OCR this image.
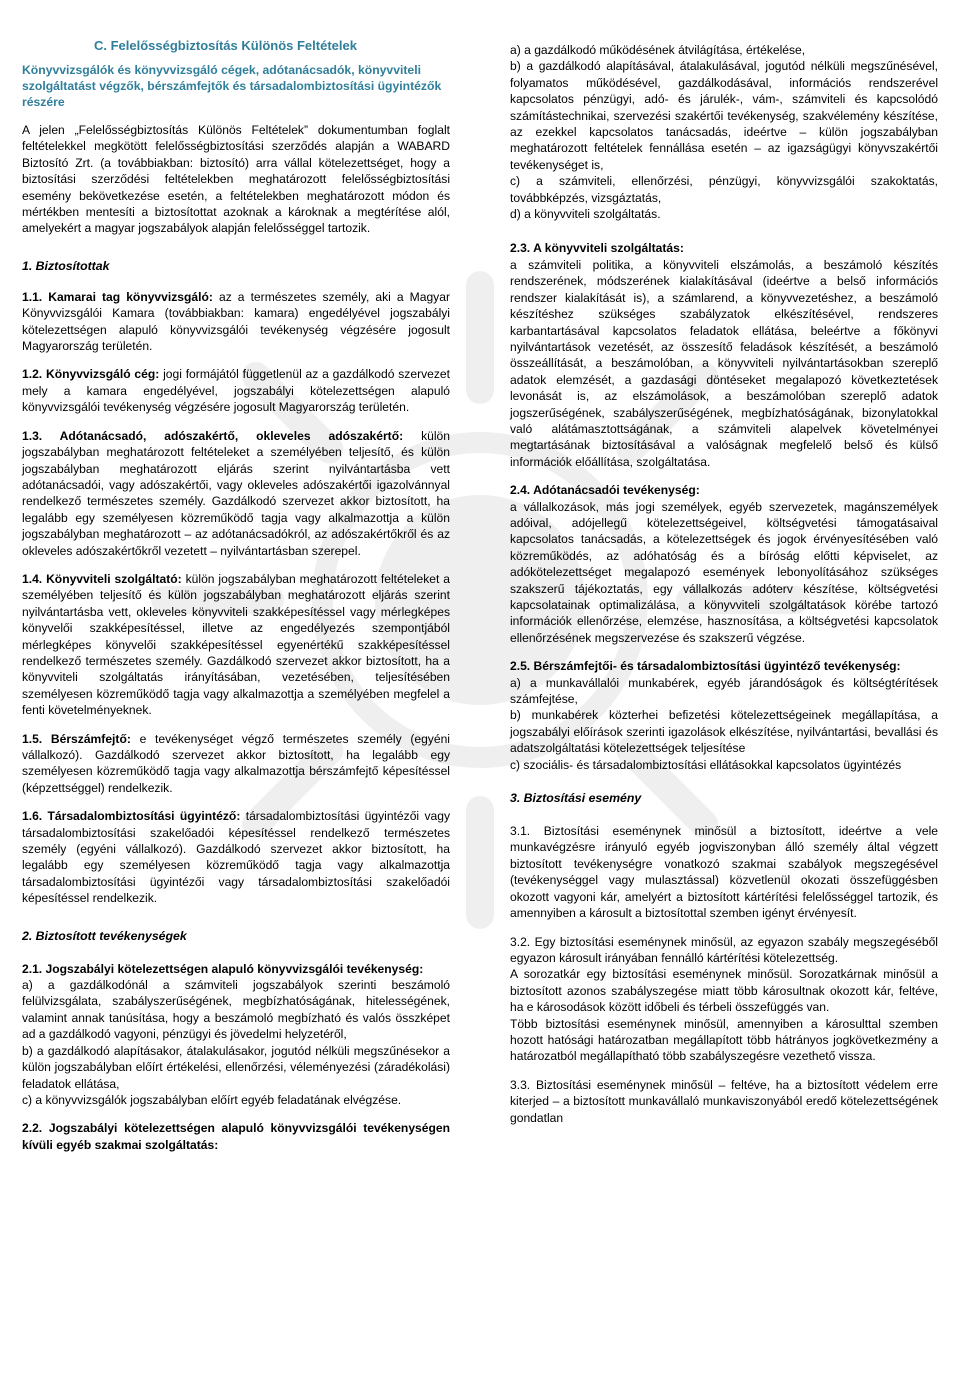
C. Felelősségbiztosítás Különös Feltételek
Könyvvizsgálók és könyvvizsgáló cégek, adótanácsadók, könyvviteli szolgáltatást végzők, bérszámfejtők és társadalombiztosítási ügyintézők részére

A jelen „Felelősségbiztosítás Különös Feltételek” dokumentumban foglalt feltételekkel megkötött felelősségbiztosítási szerződés alapján a WABARD Biztosító Zrt. (a továbbiakban: biztosító) arra vállal kötelezettséget, hogy a biztosítási szerződési feltételekben meghatározott felelősségbiztosítási esemény bekövetkezése esetén, a feltételekben meghatározott módon és mértékben mentesíti a biztosítottat azoknak a károknak a megtérítése alól, amelyekért a magyar jogszabályok alapján felelősséggel tartozik.

1. Biztosítottak

1.1. Kamarai tag könyvvizsgáló: az a természetes személy, aki a Magyar Könyvvizsgálói Kamara (továbbiakban: kamara) engedélyével jogszabályi kötelezettségen alapuló könyvvizsgálói tevékenység végzésére jogosult Magyarország területén.

1.2. Könyvvizsgáló cég: jogi formájától függetlenül az a gazdálkodó szervezet mely a kamara engedélyével, jogszabályi kötelezettségen alapuló könyvvizsgálói tevékenység végzésére jogosult Magyarország területén.

1.3. Adótanácsadó, adószakértő, okleveles adószakértő: külön jogszabályban meghatározott feltételeket a személyében teljesítő, és külön jogszabályban meghatározott eljárás szerint nyilvántartásba vett adótanácsadói, vagy adószakértői, vagy okleveles adószakértői igazolvánnyal rendelkező természetes személy. Gazdálkodó szervezet akkor biztosított, ha legalább egy személyesen közreműködő tagja vagy alkalmazottja a külön jogszabályban meghatározott – az adótanácsadókról, az adószakértőkről és az okleveles adószakértőkről vezetett – nyilvántartásban szerepel.

1.4. Könyvviteli szolgáltató: külön jogszabályban meghatározott feltételeket a személyében teljesítő és külön jogszabályban meghatározott eljárás szerint nyilvántartásba vett, okleveles könyvviteli szakképesítéssel vagy mérlegképes könyvelői szakképesítéssel, illetve az engedélyezés szempontjából mérlegképes könyvelői szakképesítéssel egyenértékű szakképesítéssel rendelkező természetes személy. Gazdálkodó szervezet akkor biztosított, ha a könyvviteli szolgáltatás irányításában, vezetésében, teljesítésében személyesen közreműködő tagja vagy alkalmazottja a személyében megfelel a fenti követelményeknek.

1.5. Bérszámfejtő: e tevékenységet végző természetes személy (egyéni vállalkozó). Gazdálkodó szervezet akkor biztosított, ha legalább egy személyesen közreműködő tagja vagy alkalmazottja bérszámfejtő képesítéssel (képzettséggel) rendelkezik.

1.6. Társadalombiztosítási ügyintéző: társadalombiztosítási ügyintézői vagy társadalombiztosítási szakelőadói képesítéssel rendelkező természetes személy (egyéni vállalkozó). Gazdálkodó szervezet akkor biztosított, ha legalább egy személyesen közreműködő tagja vagy alkalmazottja társadalombiztosítási ügyintézői vagy társadalombiztosítási szakelőadói képesítéssel rendelkezik.

2. Biztosított tevékenységek

2.1. Jogszabályi kötelezettségen alapuló könyvvizsgálói tevékenység:

a) a gazdálkodónál a számviteli jogszabályok szerinti beszámoló felülvizsgálata, szabályszerűségének, megbízhatóságának, hitelességének, valamint annak tanúsítása, hogy a beszámoló megbízható és valós összképet ad a gazdálkodó vagyoni, pénzügyi és jövedelmi helyzetéről,

b) a gazdálkodó alapításakor, átalakulásakor, jogutód nélküli megszűnésekor a külön jogszabályban előírt értékelési, ellenőrzési, véleményezési (záradékolási) feladatok ellátása,

c) a könyvvizsgálók jogszabályban előírt egyéb feladatának elvégzése.

2.2. Jogszabályi kötelezettségen alapuló könyvvizsgálói tevékenységen kívüli egyéb szakmai szolgáltatás:

a) a gazdálkodó működésének átvilágítása, értékelése,

b) a gazdálkodó alapításával, átalakulásával, jogutód nélküli megszűnésével, folyamatos működésével, gazdálkodásával, információs rendszerével kapcsolatos pénzügyi, adó- és járulék-, vám-, számviteli és kapcsolódó számítástechnikai, szervezési szakértői tevékenység, szakvélemény készítése, az ezekkel kapcsolatos tanácsadás, ideértve – külön jogszabályban meghatározott feltételek fennállása esetén – az igazságügyi könyvszakértői tevékenységet is,

c) a számviteli, ellenőrzési, pénzügyi, könyvvizsgálói szakoktatás, továbbképzés, vizsgáztatás,

d) a könyvviteli szolgáltatás.

2.3. A könyvviteli szolgáltatás:

a számviteli politika, a könyvviteli elszámolás, a beszámoló készítés rendszerének, módszerének kialakításával (ideértve a belső információs rendszer kialakítását is), a számlarend, a könyvvezetéshez, a beszámoló készítéshez szükséges szabályzatok elkészítésével, rendszeres karbantartásával kapcsolatos feladatok ellátása, beleértve a főkönyvi nyilvántartások vezetését, az összesítő feladások készítését, a beszámoló összeállítását, a beszámolóban, a könyvviteli nyilvántartásokban szereplő adatok elemzését, a gazdasági döntéseket megalapozó következtetések levonását is, az elszámolások, a beszámolóban szereplő adatok jogszerűségének, szabályszerűségének, megbízhatóságának, bizonylatokkal való alátámasztottságának, a számviteli alapelvek követelményei megtartásának biztosításával a valóságnak megfelelő belső és külső információk előállítása, szolgáltatása.

2.4. Adótanácsadói tevékenység:

a vállalkozások, más jogi személyek, egyéb szervezetek, magánszemélyek adóival, adójellegű kötelezettségeivel, költségvetési támogatásaival kapcsolatos tanácsadás, a kötelezettségek és jogok érvényesítésében való közreműködés, az adóhatóság és a bíróság előtti képviselet, az adókötelezettséget megalapozó események lebonyolításához szükséges szakszerű tájékoztatás, egy vállalkozás adóterv készítése, költségvetési kapcsolatainak optimalizálása, a könyvviteli szolgáltatások körébe tartozó információk ellenőrzése, elemzése, hasznosítása, a költségvetési kapcsolatok ellenőrzésének megszervezése és szakszerű végzése.

2.5. Bérszámfejtői- és társadalombiztosítási ügyintéző tevékenység:

a) a munkavállalói munkabérek, egyéb járandóságok és költségtérítések számfejtése,

b) munkabérek közterhei befizetési kötelezettségeinek megállapítása, a jogszabályi előírások szerinti igazolások elkészítése, nyilvántartási, bevallási és adatszolgáltatási kötelezettségek teljesítése

c) szociális- és társadalombiztosítási ellátásokkal kapcsolatos ügyintézés

3. Biztosítási esemény

3.1. Biztosítási eseménynek minősül a biztosított, ideértve a vele munkavégzésre irányuló egyéb jogviszonyban álló személy által végzett biztosított tevékenységre vonatkozó szakmai szabályok megszegésével (tevékenységgel vagy mulasztással) közvetlenül okozati összefüggésben okozott vagyoni kár, amelyért a biztosított kártérítési felelősséggel tartozik, és amennyiben a károsult a biztosítottal szemben igényt érvényesít.

3.2. Egy biztosítási eseménynek minősül, az egyazon szabály megszegéséből egyazon károsult irányában fennálló kártérítési kötelezettség.

A sorozatkár egy biztosítási eseménynek minősül. Sorozatkárnak minősül a biztosított azonos szabályszegése miatt több károsultnak okozott kár, feltéve, ha e károsodások között időbeli és térbeli összefüggés van.

Több biztosítási eseménynek minősül, amennyiben a károsulttal szemben hozott hatósági határozatban megállapított több hátrányos jogkövetkezmény a határozatból megállapítható több szabályszegésre vezethető vissza.

3.3. Biztosítási eseménynek minősül – feltéve, ha a biztosított védelem erre kiterjed – a biztosított munkavállaló munkaviszonyából eredő kötelezettségének gondatlan
